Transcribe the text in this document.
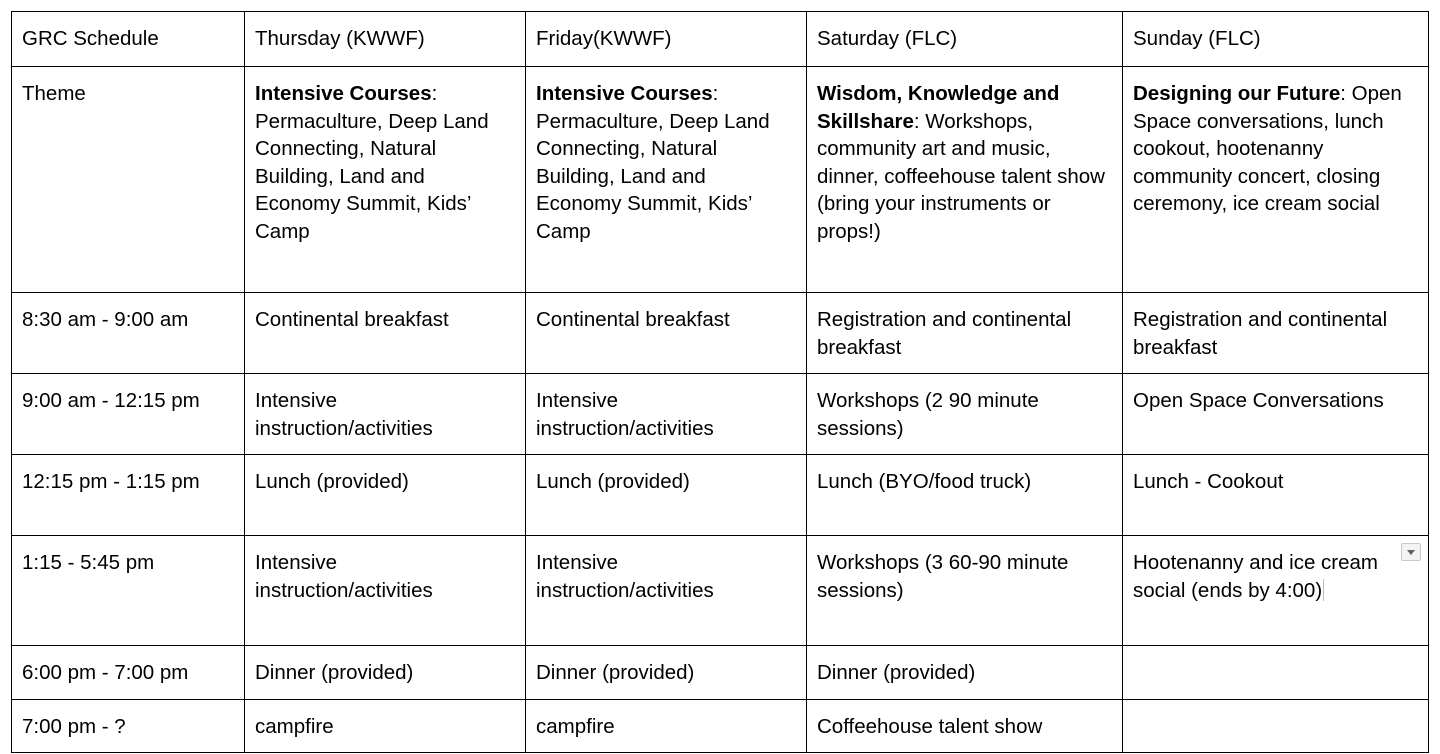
GRC Schedule	Thursday (KWWF)	Friday(KWWF)	Saturday (FLC)	Sunday (FLC)
Theme	Intensive Courses: Permaculture, Deep Land Connecting, Natural Building, Land and Economy Summit, Kids’ Camp	Intensive Courses: Permaculture, Deep Land Connecting, Natural Building, Land and Economy Summit, Kids’ Camp	Wisdom, Knowledge and Skillshare: Workshops, community art and music, dinner, coffeehouse talent show (bring your instruments or props!)	Designing our Future: Open Space conversations, lunch cookout, hootenanny community concert, closing ceremony, ice cream social
8:30 am - 9:00 am	Continental breakfast	Continental breakfast	Registration and continental breakfast	Registration and continental breakfast
9:00 am - 12:15 pm	Intensive instruction/activities	Intensive instruction/activities	Workshops (2 90 minute sessions)	Open Space Conversations
12:15 pm - 1:15 pm	Lunch (provided)	Lunch (provided)	Lunch (BYO/food truck)	Lunch - Cookout
1:15 - 5:45 pm	Intensive instruction/activities	Intensive instruction/activities	Workshops (3 60-90 minute sessions)	Hootenanny and ice cream social (ends by 4:00)

6:00 pm - 7:00 pm	Dinner (provided)	Dinner (provided)	Dinner (provided)	
7:00 pm - ?	campfire	campfire	Coffeehouse talent show	
